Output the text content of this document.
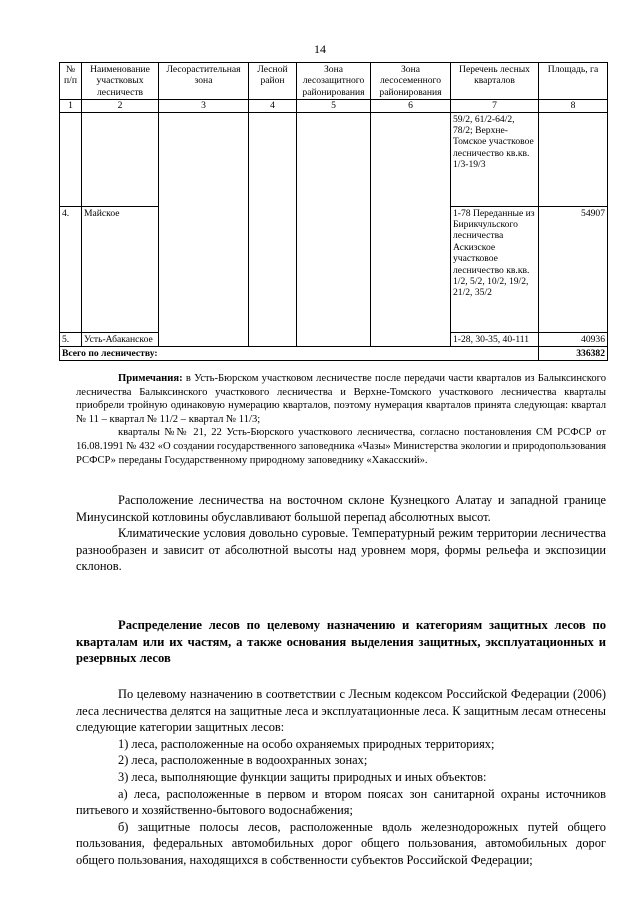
14
№ п/п	Наименование участковых лесничеств	Лесорастительная зона	Лесной район	Зона лесозащитного районирования	Зона лесосеменного районирования	Перечень лесных кварталов	Площадь, га
1	2	3	4	5	6	7	8
						59/2, 61/2-64/2, 78/2; Верхне-Томское участковое лесничество кв.кв. 1/3-19/3	
4.	Майское					1-78 Переданные из Бирикчульского лесничества Аскизское участковое лесничество кв.кв. 1/2, 5/2, 10/2, 19/2, 21/2, 35/2	54907
5.	Усть-Абаканское					1-28, 30-35, 40-111	40936
Всего по лесничеству:							336382

Примечания: в Усть-Бюрском участковом лесничестве после передачи части кварталов из Балыксинского лесничества Балыксинского участкового лесничества и Верхне-Томского участкового лесничества кварталы приобрели тройную одинаковую нумерацию кварталов, поэтому нумерация кварталов принята следующая: квартал № 11 – квартал № 11/2 – квартал № 11/3;

кварталы №№ 21, 22 Усть-Бюрского участкового лесничества, согласно постановления СМ РСФСР от 16.08.1991 № 432 «О создании государственного заповедника «Чазы» Министерства экологии и природопользования РСФСР» переданы Государственному природному заповеднику «Хакасский».

Расположение лесничества на восточном склоне Кузнецкого Алатау и западной границе Минусинской котловины обуславливают большой перепад абсолютных высот.

Климатические условия довольно суровые. Температурный режим территории лесничества разнообразен и зависит от абсолютной высоты над уровнем моря, формы рельефа и экспозиции склонов.

Распределение лесов по целевому назначению и категориям защитных лесов по кварталам или их частям, а также основания выделения защитных, эксплуатационных и резервных лесов

По целевому назначению в соответствии с Лесным кодексом Российской Федерации (2006) леса лесничества делятся на защитные леса и эксплуатационные леса. К защитным лесам отнесены следующие категории защитных лесов:

1) леса, расположенные на особо охраняемых природных территориях;

2) леса, расположенные в водоохранных зонах;

3) леса, выполняющие функции защиты природных и иных объектов:

а) леса, расположенные в первом и втором поясах зон санитарной охраны источников питьевого и хозяйственно-бытового водоснабжения;

б) защитные полосы лесов, расположенные вдоль железнодорожных путей общего пользования, федеральных автомобильных дорог общего пользования, автомобильных дорог общего пользования, находящихся в собственности субъектов Российской Федерации;
